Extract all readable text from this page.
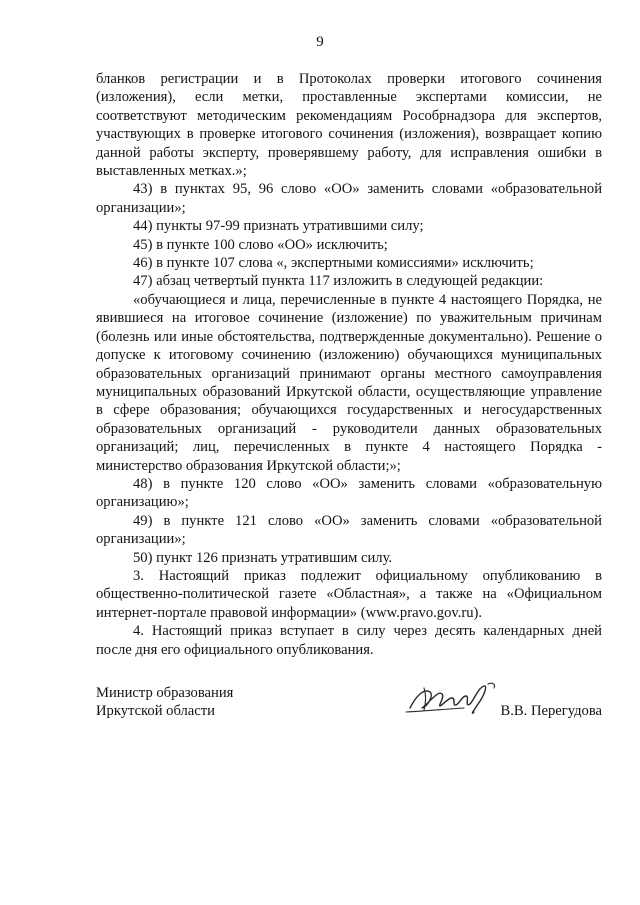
9

бланков регистрации и в Протоколах проверки итогового сочинения (изложения), если метки, проставленные экспертами комиссии, не соответствуют методическим рекомендациям Рособрнадзора для экспертов, участвующих в проверке итогового сочинения (изложения), возвращает копию данной работы эксперту, проверявшему работу, для исправления ошибки в выставленных метках.»;

43) в пунктах 95, 96 слово «ОО» заменить словами «образовательной организации»;

44) пункты 97-99 признать утратившими силу;

45) в пункте 100 слово «ОО» исключить;

46) в пункте 107 слова «, экспертными комиссиями» исключить;

47) абзац четвертый пункта 117 изложить в следующей редакции:

«обучающиеся и лица, перечисленные в пункте 4 настоящего Порядка, не явившиеся на итоговое сочинение (изложение) по уважительным причинам (болезнь или иные обстоятельства, подтвержденные документально). Решение о допуске к итоговому сочинению (изложению) обучающихся муниципальных образовательных организаций принимают органы местного самоуправления муниципальных образований Иркутской области, осуществляющие управление в сфере образования; обучающихся государственных и негосударственных образовательных организаций - руководители данных образовательных организаций; лиц, перечисленных в пункте 4 настоящего Порядка - министерство образования Иркутской области;»;

48) в пункте 120 слово «ОО» заменить словами «образовательную организацию»;

49) в пункте 121 слово «ОО» заменить словами «образовательной организации»;

50) пункт 126 признать утратившим силу.

3. Настоящий приказ подлежит официальному опубликованию в общественно-политической газете «Областная», а также на «Официальном интернет-портале правовой информации» (www.pravo.gov.ru).

4. Настоящий приказ вступает в силу через десять календарных дней после дня его официального опубликования.

Министр образования
Иркутской области	В.В. Перегудова
